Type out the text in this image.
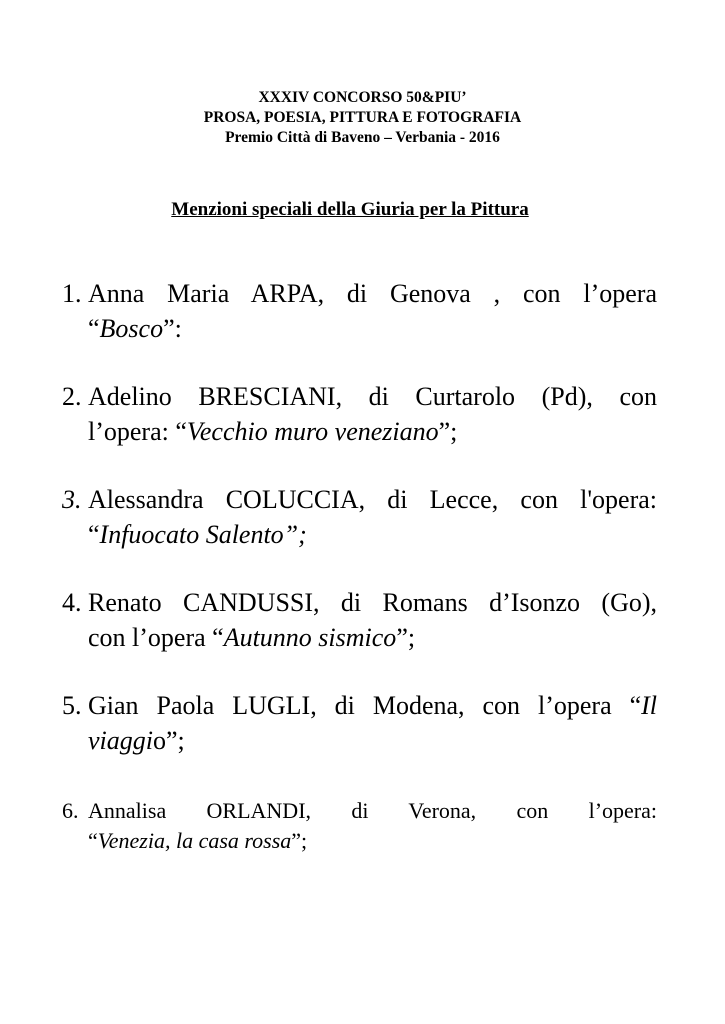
XXXIV CONCORSO 50&PIU’
PROSA, POESIA, PITTURA E FOTOGRAFIA
Premio Città di Baveno – Verbania - 2016
Menzioni speciali della Giuria per la Pittura
1. Anna Maria ARPA, di Genova , con l’opera
“Bosco”:
2. Adelino BRESCIANI, di Curtarolo (Pd), con
l’opera: “Vecchio muro veneziano”;
3. Alessandra COLUCCIA, di Lecce, con l'opera:
“Infuocato Salento”;
4. Renato CANDUSSI, di Romans d’Isonzo (Go),
con l’opera “Autunno sismico”;
5. Gian Paola LUGLI, di Modena, con l’opera “Il
viaggio”;
6. Annalisa ORLANDI, di Verona, con l’opera:
“Venezia, la casa rossa”;
